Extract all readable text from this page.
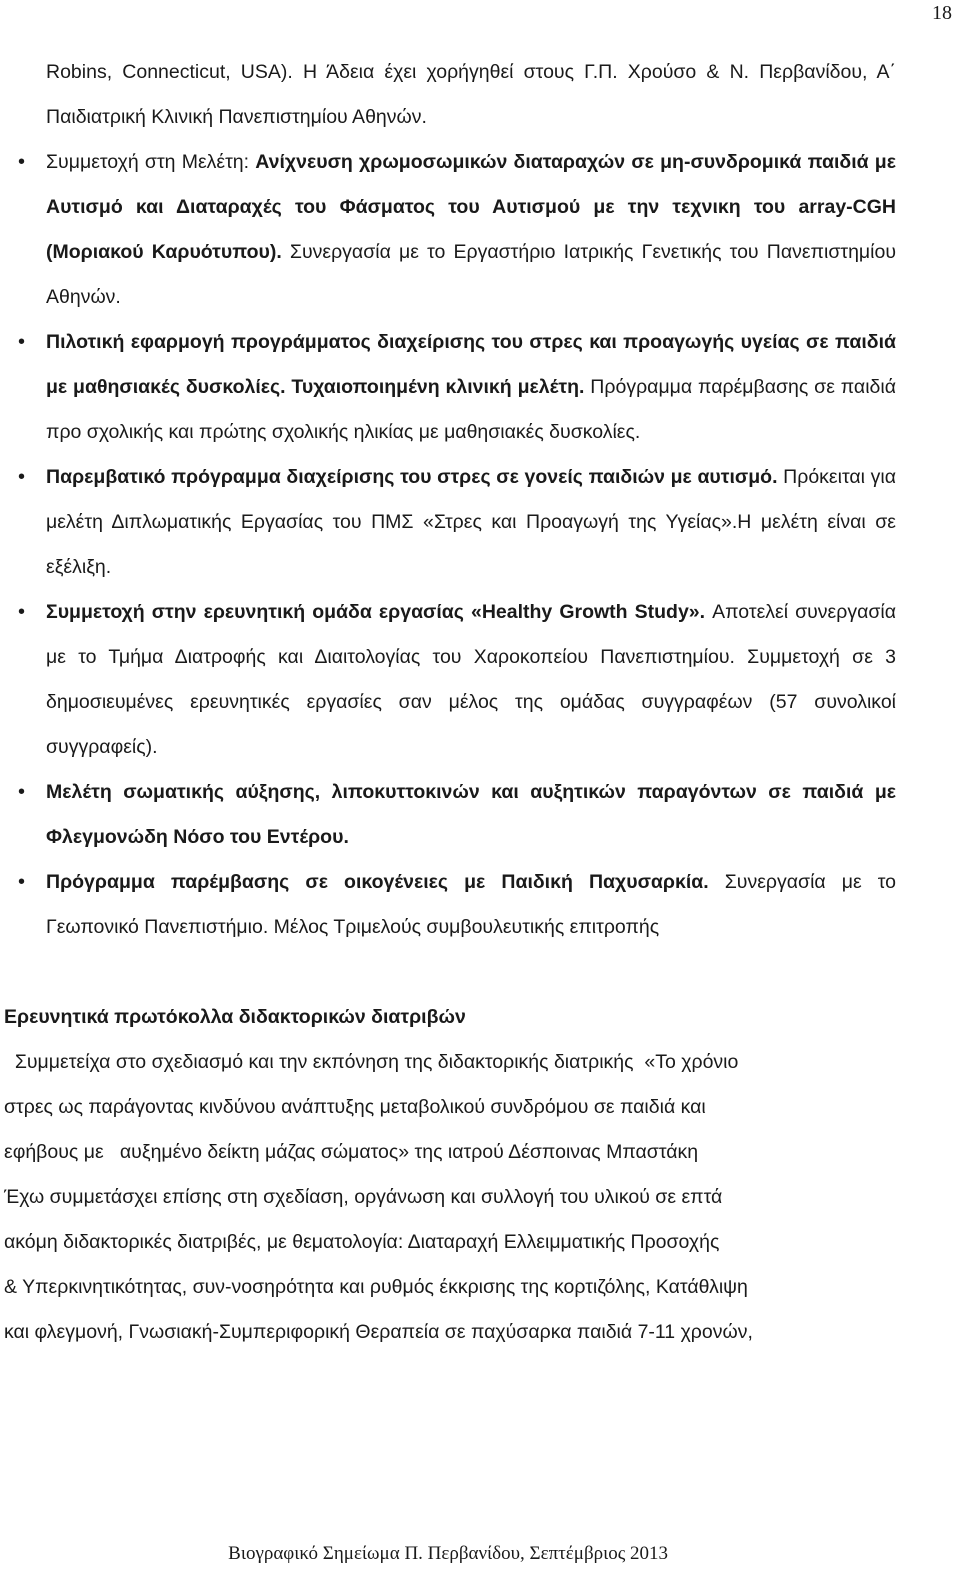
18

Robins, Connecticut, USA). Η Άδεια έχει χορήγηθεί στους Γ.Π. Χρούσο & Ν. Περβανίδου, Α΄ Παιδιατρική Κλινική Πανεπιστημίου Αθηνών.

• Συμμετοχή στη Μελέτη: Ανίχνευση χρωμοσωμικών διαταραχών σε μη-συνδρομικά παιδιά με Αυτισμό και Διαταραχές του Φάσματος του Αυτισμού με την τεχνικη του array-CGH (Μοριακού Καρυότυπου). Συνεργασία με το Εργαστήριο Ιατρικής Γενετικής του Πανεπιστημίου Αθηνών.
• Πιλοτική εφαρμογή προγράμματος διαχείρισης του στρες και προαγωγής υγείας σε παιδιά με μαθησιακές δυσκολίες. Τυχαιοποιημένη κλινική μελέτη. Πρόγραμμα παρέμβασης σε παιδιά προ σχολικής και πρώτης σχολικής ηλικίας με μαθησιακές δυσκολίες.
• Παρεμβατικό πρόγραμμα διαχείρισης του στρες σε γονείς παιδιών με αυτισμό. Πρόκειται για μελέτη Διπλωματικής Εργασίας του ΠΜΣ «Στρες και Προαγωγή της Υγείας».Η μελέτη είναι σε εξέλιξη.
• Συμμετοχή στην ερευνητική ομάδα εργασίας «Healthy Growth Study». Αποτελεί συνεργασία με το Τμήμα Διατροφής και Διαιτολογίας του Χαροκοπείου Πανεπιστημίου. Συμμετοχή σε 3 δημοσιευμένες ερευνητικές εργασίες σαν μέλος της ομάδας συγγραφέων (57 συνολικοί συγγραφείς).
• Μελέτη σωματικής αύξησης, λιποκυττοκινών και αυξητικών παραγόντων σε παιδιά με Φλεγμονώδη Νόσο του Εντέρου.
• Πρόγραμμα παρέμβασης σε οικογένειες με Παιδική Παχυσαρκία. Συνεργασία με το Γεωπονικό Πανεπιστήμιο. Μέλος Τριμελούς συμβουλευτικής επιτροπής
Ερευνητικά πρωτόκολλα διδακτορικών διατριβών
Συμμετείχα στο σχεδιασμό και την εκπόνηση της διδακτορικής διατρικής  «Το χρόνιο
στρες ως παράγοντας κινδύνου ανάπτυξης μεταβολικού συνδρόμου σε παιδιά και
εφήβους με   αυξημένο δείκτη μάζας σώματος» της ιατρού Δέσποινας Μπαστάκη
Έχω συμμετάσχει επίσης στη σχεδίαση, οργάνωση και συλλογή του υλικού σε επτά
ακόμη διδακτορικές διατριβές, με θεματολογία: Διαταραχή Ελλειμματικής Προσοχής
& Υπερκινητικότητας, συν-νοσηρότητα και ρυθμός έκκρισης της κορτιζόλης, Κατάθλιψη
και φλεγμονή, Γνωσιακή-Συμπεριφορική Θεραπεία σε παχύσαρκα παιδιά 7-11 χρονών,
Βιογραφικό Σημείωμα Π. Περβανίδου, Σεπτέμβριος 2013
